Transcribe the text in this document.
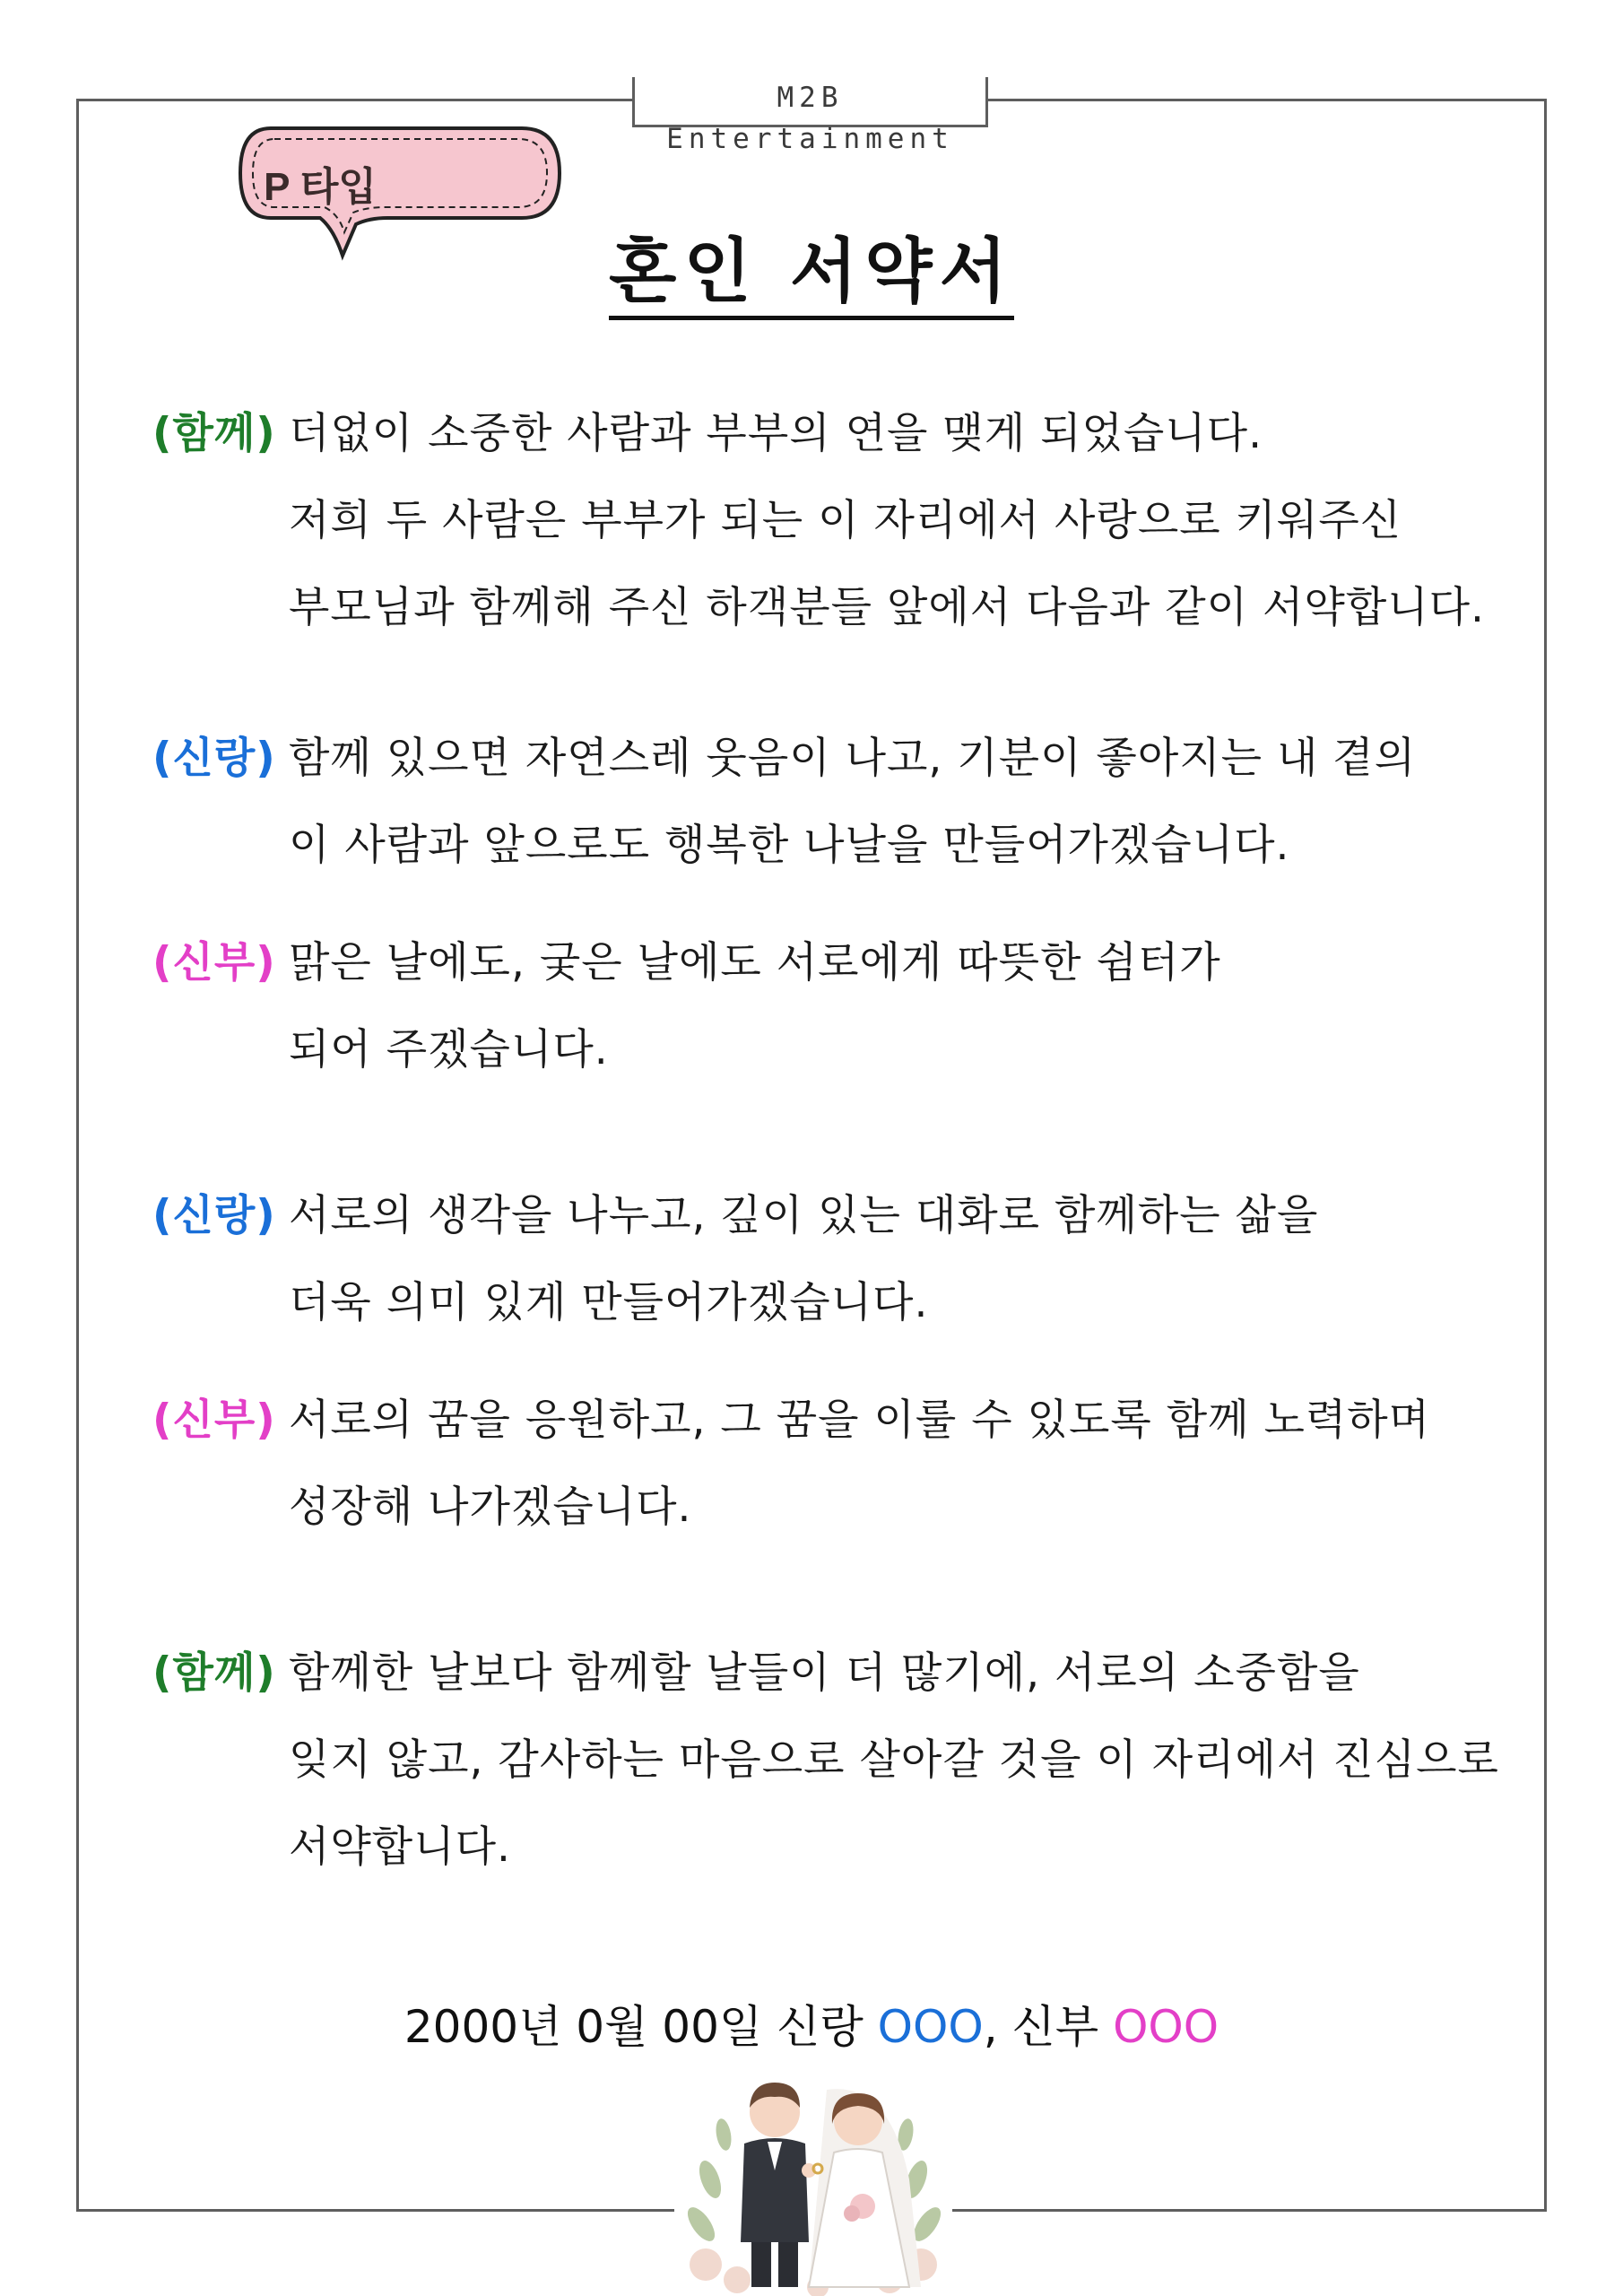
M2B Entertainment
P 타입
혼인 서약서
(함께) 더없이 소중한 사람과 부부의 연을 맺게 되었습니다.
저희 두 사람은 부부가 되는 이 자리에서 사랑으로 키워주신
부모님과 함께해 주신 하객분들 앞에서 다음과 같이 서약합니다.
(신랑) 함께 있으면 자연스레 웃음이 나고, 기분이 좋아지는 내 곁의
이 사람과 앞으로도 행복한 나날을 만들어가겠습니다.
(신부) 맑은 날에도, 궂은 날에도 서로에게 따뜻한 쉼터가
되어 주겠습니다.
(신랑) 서로의 생각을 나누고, 깊이 있는 대화로 함께하는 삶을
더욱 의미 있게 만들어가겠습니다.
(신부) 서로의 꿈을 응원하고, 그 꿈을 이룰 수 있도록 함께 노력하며
성장해 나가겠습니다.
(함께) 함께한 날보다 함께할 날들이 더 많기에, 서로의 소중함을
잊지 않고, 감사하는 마음으로 살아갈 것을 이 자리에서 진심으로
서약합니다.
2000년 0월 00일 신랑 OOO, 신부 OOO
